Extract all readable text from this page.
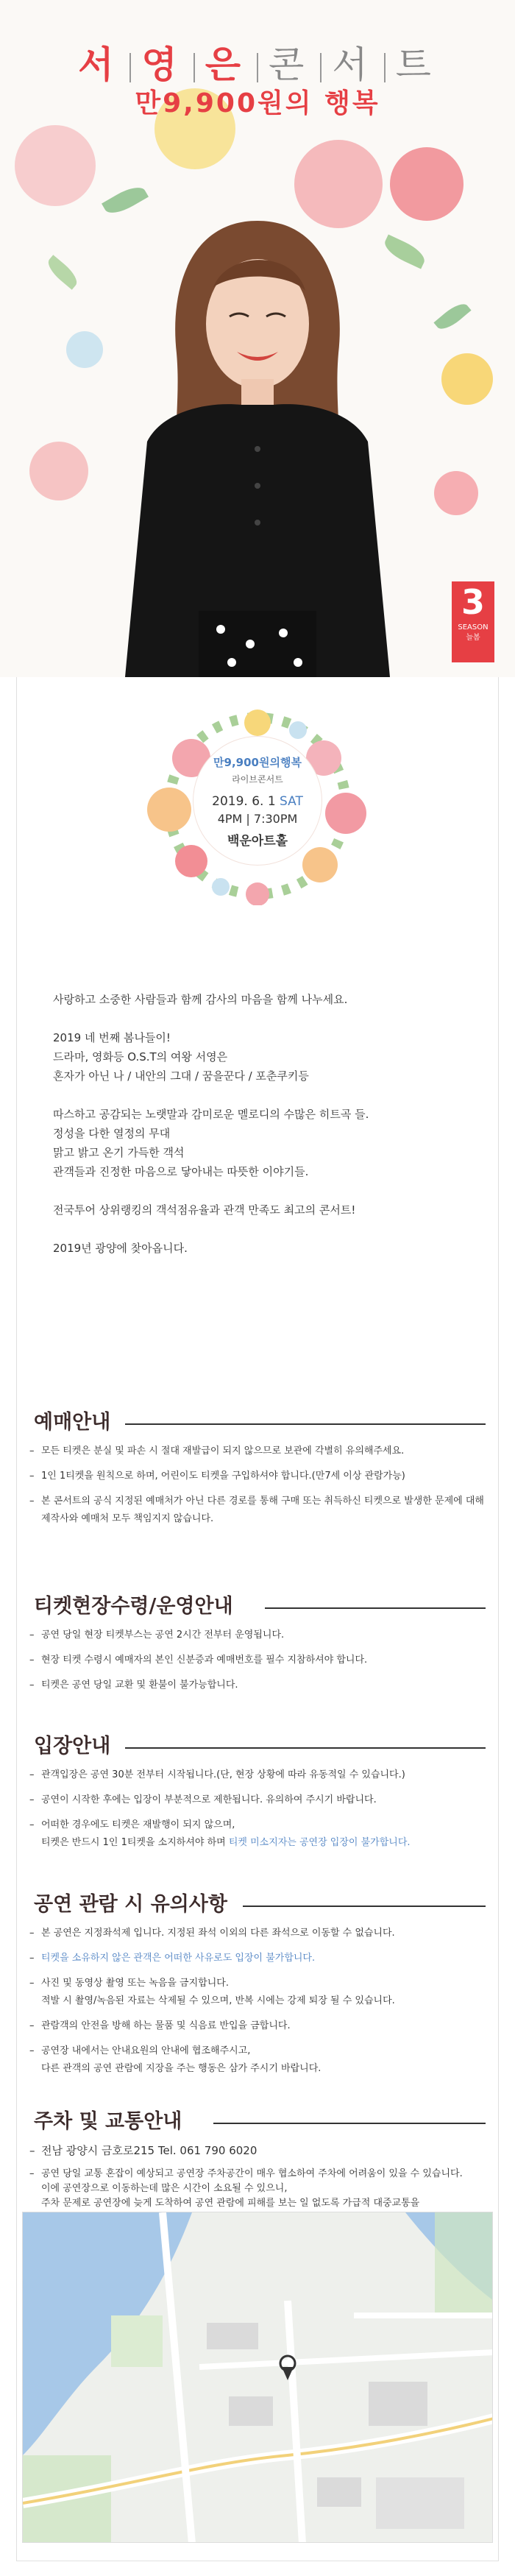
서 영 은 콘 서 트
만9,900원의 행복
3
SEASON
늘봄
만9,900원의행복
라이브콘서트
2019. 6. 1 SAT
4PM | 7:30PM
백운아트홀

사랑하고 소중한 사람들과 함께 감사의 마음을 함께 나누세요.

2019 네 번째 봄나들이!
드라마, 영화등 O.S.T의 여왕 서영은
혼자가 아닌 나 / 내안의 그대 / 꿈을꾼다 / 포춘쿠키등

따스하고 공감되는 노랫말과 감미로운 멜로디의 수많은 히트곡 들.
정성을 다한 열정의 무대
맑고 밝고 온기 가득한 객석
관객들과 진정한 마음으로 닿아내는 따뜻한 이야기들.

전국투어 상위랭킹의 객석점유율과 관객 만족도 최고의 콘서트!

2019년 광양에 찾아옵니다.

예매안내
– 모든 티켓은 분실 및 파손 시 절대 재발급이 되지 않으므로 보관에 각별히 유의해주세요.
– 1인 1티켓을 원칙으로 하며, 어린이도 티켓을 구입하셔야 합니다.(만7세 이상 관람가능)
– 본 콘서트의 공식 지정된 예매처가 아닌 다른 경로를 통해 구매 또는 취득하신 티켓으로 발생한 문제에 대해 제작사와 예매처 모두 책임지지 않습니다.
티켓현장수령/운영안내
– 공연 당일 현장 티켓부스는 공연 2시간 전부터 운영됩니다.
– 현장 티켓 수령시 예매자의 본인 신분증과 예매번호를 필수 지참하셔야 합니다.
– 티켓은 공연 당일 교환 및 환불이 불가능합니다.
입장안내
– 관객입장은 공연 30분 전부터 시작됩니다.(단, 현장 상황에 따라 유동적일 수 있습니다.)
– 공연이 시작한 후에는 입장이 부분적으로 제한됩니다. 유의하여 주시기 바랍니다.
– 어떠한 경우에도 티켓은 재발행이 되지 않으며,
티켓은 반드시 1인 1티켓을 소지하셔야 하며 티켓 미소지자는 공연장 입장이 불가합니다.
공연 관람 시 유의사항
– 본 공연은 지정좌석제 입니다. 지정된 좌석 이외의 다른 좌석으로 이동할 수 없습니다.
– 티켓을 소유하지 않은 관객은 어떠한 사유로도 입장이 불가합니다.
– 사진 및 동영상 촬영 또는 녹음을 금지합니다.
적발 시 촬영/녹음된 자료는 삭제될 수 있으며, 반복 시에는 강제 퇴장 될 수 있습니다.
– 관람객의 안전을 방해 하는 물품 및 식음료 반입을 금합니다.
– 공연장 내에서는 안내요원의 안내에 협조해주시고,
다른 관객의 공연 관람에 지장을 주는 행동은 삼가 주시기 바랍니다.
주차 및 교통안내
– 전남 광양시 금호로215 Tel. 061 790 6020
– 공연 당일 교통 혼잡이 예상되고 공연장 주차공간이 매우 협소하여 주차에 어려움이 있을 수 있습니다.
이에 공연장으로 이동하는데 많은 시간이 소요될 수 있으니,
주차 문제로 공연장에 늦게 도착하여 공연 관람에 피해를 보는 일 없도록 가급적 대중교통을
